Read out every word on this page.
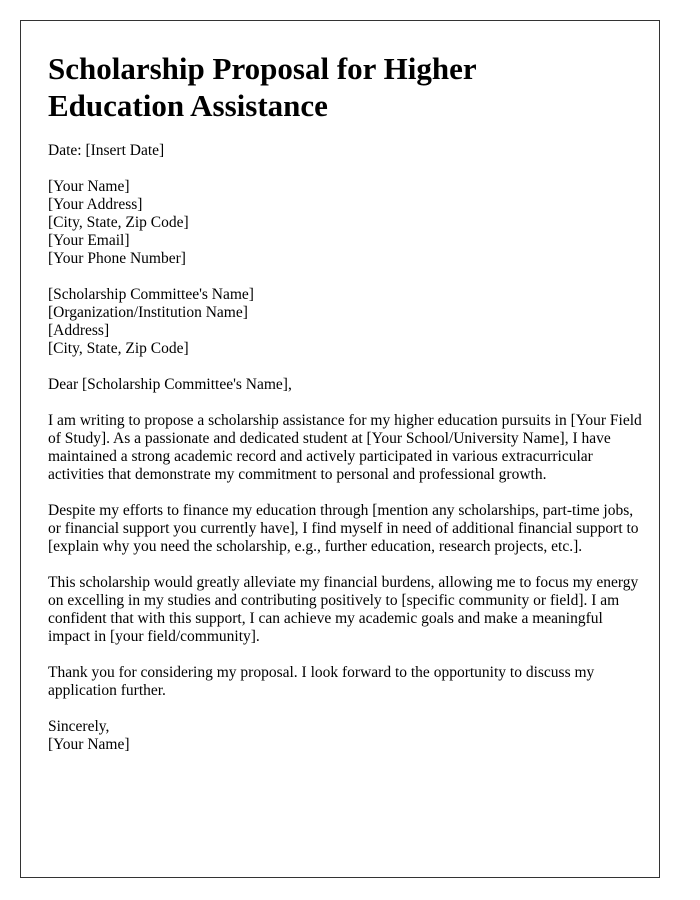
Scholarship Proposal for Higher
Education Assistance
Date: [Insert Date]
[Your Name]
[Your Address]
[City, State, Zip Code]
[Your Email]
[Your Phone Number]
[Scholarship Committee's Name]
[Organization/Institution Name]
[Address]
[City, State, Zip Code]
Dear [Scholarship Committee's Name],

I am writing to propose a scholarship assistance for my higher education pursuits in [Your Field of Study]. As a passionate and dedicated student at [Your School/University Name], I have maintained a strong academic record and actively participated in various extracurricular activities that demonstrate my commitment to personal and professional growth.

Despite my efforts to finance my education through [mention any scholarships, part-time jobs, or financial support you currently have], I find myself in need of additional financial support to [explain why you need the scholarship, e.g., further education, research projects, etc.].

This scholarship would greatly alleviate my financial burdens, allowing me to focus my energy on excelling in my studies and contributing positively to [specific community or field]. I am confident that with this support, I can achieve my academic goals and make a meaningful impact in [your field/community].

Thank you for considering my proposal. I look forward to the opportunity to discuss my application further.

Sincerely,
[Your Name]
